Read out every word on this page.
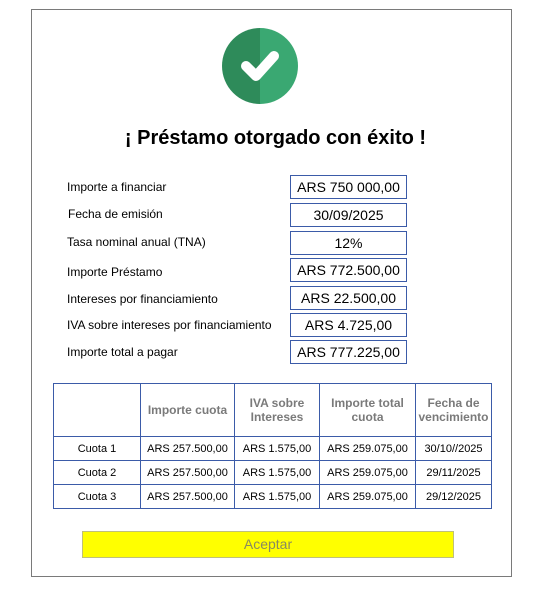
¡ Préstamo otorgado con éxito !
Importe a financiar	ARS 750 000,00
Fecha de emisión	30/09/2025
Tasa nominal anual (TNA)	12%
Importe Préstamo	ARS 772.500,00
Intereses por financiamiento	ARS 22.500,00
IVA sobre intereses por financiamiento	ARS 4.725,00
Importe total a pagar	ARS 777.225,00
	Importe cuota	IVA sobre Intereses	Importe total cuota	Fecha de vencimiento
Cuota 1	ARS 257.500,00	ARS 1.575,00	ARS 259.075,00	30/10//2025
Cuota 2	ARS 257.500,00	ARS 1.575,00	ARS 259.075,00	29/11/2025
Cuota 3	ARS 257.500,00	ARS 1.575,00	ARS 259.075,00	29/12/2025
Aceptar
